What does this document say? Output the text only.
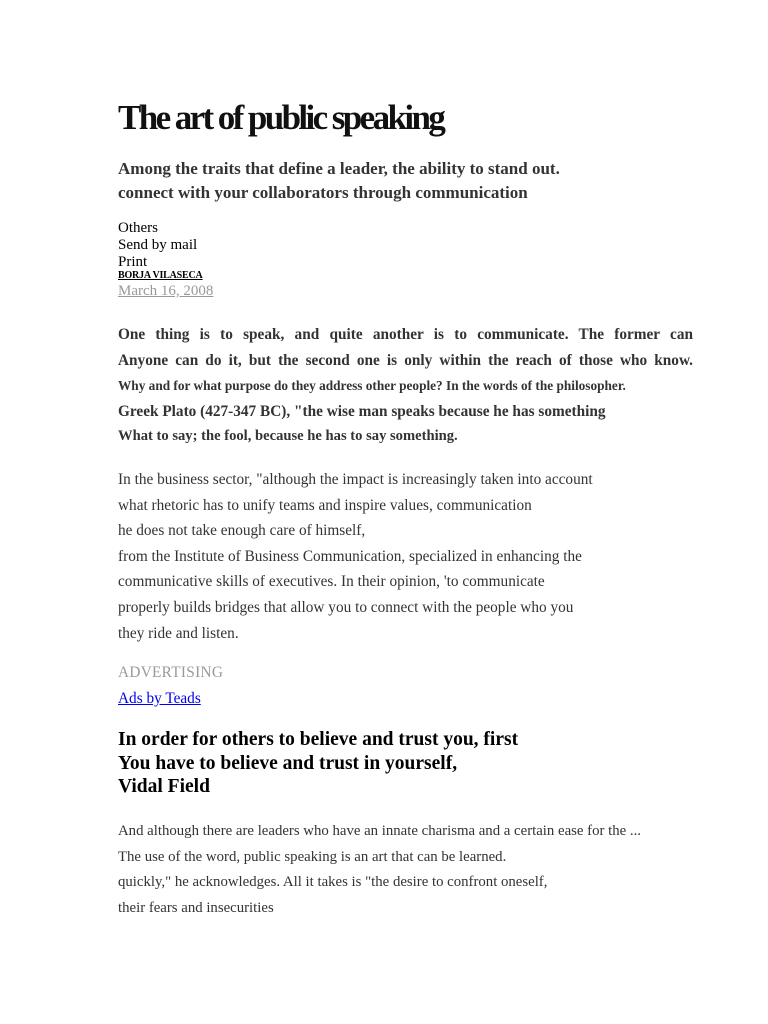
The art of public speaking
Among the traits that define a leader, the ability to stand out.
connect with your collaborators through communication
Others
Send by mail
Print
BORJA VILASECA
March 16, 2008
One thing is to speak, and quite another is to communicate. The former can
Anyone can do it, but the second one is only within the reach of those who know.
Why and for what purpose do they address other people? In the words of the philosopher.
Greek Plato (427-347 BC), "the wise man speaks because he has something
What to say; the fool, because he has to say something.
In the business sector, "although the impact is increasingly taken into account
what rhetoric has to unify teams and inspire values, communication
he does not take enough care of himself,
from the Institute of Business Communication, specialized in enhancing the
communicative skills of executives. In their opinion, 'to communicate
properly builds bridges that allow you to connect with the people who you
they ride and listen.
ADVERTISING
Ads by Teads
In order for others to believe and trust you, first
You have to believe and trust in yourself,
Vidal Field
And although there are leaders who have an innate charisma and a certain ease for the ...
The use of the word, public speaking is an art that can be learned.
quickly," he acknowledges. All it takes is "the desire to confront oneself,
their fears and insecurities
